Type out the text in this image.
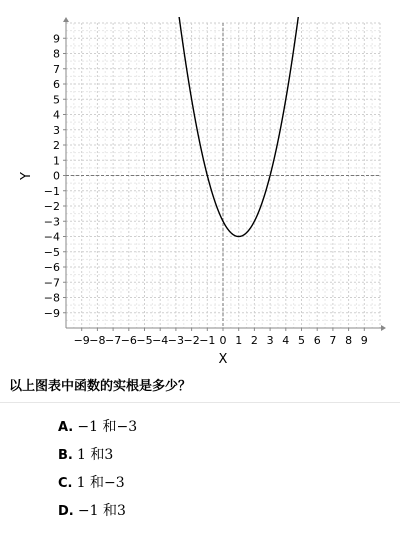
−9 −8 −7 −6 −5 −4 −3 −2 −1 0 1 2 3 4 5 6 7 8 9
−9
−8
−7
−6
−5
−4
−3
−2
−1
0
1
2
3
4
5
6
7
8
9
X
Y
以上图表中函数的实根是多少？
A. −1 和−3
B. 1 和3
C. 1 和−3
D. −1 和3
